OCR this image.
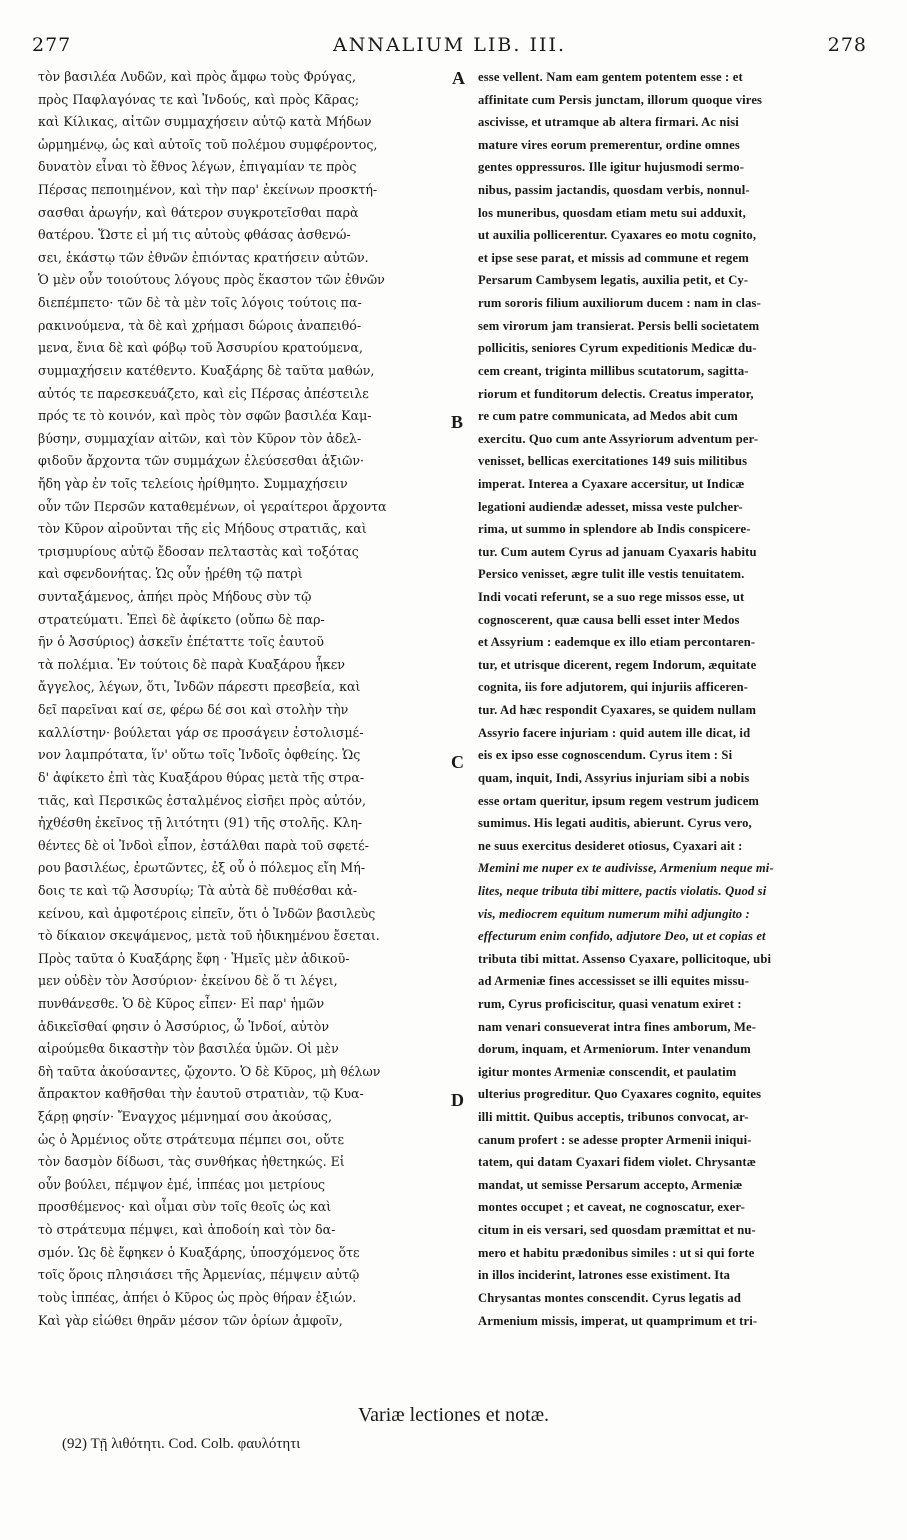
277	ANNALIUM LIB. III.	278
τὸν βασιλέα Λυδῶν, καὶ πρὸς ἄμφω τοὺς Φρύγας,
πρὸς Παφλαγόνας τε καὶ Ἰνδούς, καὶ πρὸς Κᾶρας;
καὶ Κίλικας, αἰτῶν συμμαχήσειν αὐτῷ κατὰ Μήδων
ὡρμημένῳ, ὡς καὶ αὐτοῖς τοῦ πολέμου συμφέροντος,
δυνατὸν εἶναι τὸ ἔθνος λέγων, ἐπιγαμίαν τε πρὸς
Πέρσας πεποιημένον, καὶ τὴν παρ' ἐκείνων προσκτή-
σασθαι ἀρωγήν, καὶ θάτερον συγκροτεῖσθαι παρὰ
θατέρου. Ὥστε εἰ μή τις αὐτοὺς φθάσας ἀσθενώ-
σει, ἑκάστῳ τῶν ἐθνῶν ἐπιόντας κρατήσειν αὐτῶν.
Ὁ μὲν οὖν τοιούτους λόγους πρὸς ἕκαστον τῶν ἐθνῶν
διεπέμπετο· τῶν δὲ τὰ μὲν τοῖς λόγοις τούτοις πα-
ρακινούμενα, τὰ δὲ καὶ χρήμασι δώροις ἀναπειθό-
μενα, ἔνια δὲ καὶ φόβῳ τοῦ Ἀσσυρίου κρατούμενα,
συμμαχήσειν κατέθεντο. Κυαξάρης δὲ ταῦτα μαθών,
αὐτός τε παρεσκευάζετο, καὶ εἰς Πέρσας ἀπέστειλε
πρός τε τὸ κοινόν, καὶ πρὸς τὸν σφῶν βασιλέα Καμ-
βύσην, συμμαχίαν αἰτῶν, καὶ τὸν Κῦρον τὸν ἀδελ-
φιδοῦν ἄρχοντα τῶν συμμάχων ἐλεύσεσθαι ἀξιῶν·
ἤδη γὰρ ἐν τοῖς τελείοις ἠρίθμητο. Συμμαχήσειν
οὖν τῶν Περσῶν καταθεμένων, οἱ γεραίτεροι ἄρχοντα
τὸν Κῦρον αἱροῦνται τῆς εἰς Μήδους στρατιᾶς, καὶ
τρισμυρίους αὐτῷ ἔδοσαν πελταστὰς καὶ τοξότας
καὶ σφενδονήτας. Ὡς οὖν ᾑρέθη τῷ πατρὶ
συνταξάμενος, ἀπήει πρὸς Μήδους σὺν τῷ
στρατεύματι. Ἐπεὶ δὲ ἀφίκετο (οὔπω δὲ παρ-
ῆν ὁ Ἀσσύριος) ἀσκεῖν ἐπέταττε τοῖς ἑαυτοῦ
τὰ πολέμια. Ἐν τούτοις δὲ παρὰ Κυαξάρου ἧκεν
ἄγγελος, λέγων, ὅτι, Ἰνδῶν πάρεστι πρεσβεία, καὶ
δεῖ παρεῖναι καί σε, φέρω δέ σοι καὶ στολὴν τὴν
καλλίστην· βούλεται γάρ σε προσάγειν ἐστολισμέ-
νον λαμπρότατα, ἵν' οὕτω τοῖς Ἰνδοῖς ὀφθείης. Ὡς
δ' ἀφίκετο ἐπὶ τὰς Κυαξάρου θύρας μετὰ τῆς στρα-
τιᾶς, καὶ Περσικῶς ἐσταλμένος εἰσῆει πρὸς αὐτόν,
ἠχθέσθη ἐκεῖνος τῇ λιτότητι (91) τῆς στολῆς. Κλη-
θέντες δὲ οἱ Ἰνδοὶ εἶπον, ἐστάλθαι παρὰ τοῦ σφετέ-
ρου βασιλέως, ἐρωτῶντες, ἐξ οὗ ὁ πόλεμος εἴη Μή-
δοις τε καὶ τῷ Ἀσσυρίῳ; Τὰ αὐτὰ δὲ πυθέσθαι κἀ-
κείνου, καὶ ἀμφοτέροις εἰπεῖν, ὅτι ὁ Ἰνδῶν βασιλεὺς
τὸ δίκαιον σκεψάμενος, μετὰ τοῦ ἠδικημένου ἔσεται.
Πρὸς ταῦτα ὁ Κυαξάρης ἔφη · Ἡμεῖς μὲν ἀδικοῦ-
μεν οὐδὲν τὸν Ἀσσύριον· ἐκείνου δὲ ὅ τι λέγει,
πυνθάνεσθε. Ὁ δὲ Κῦρος εἶπεν· Εἰ παρ' ἡμῶν
ἀδικεῖσθαί φησιν ὁ Ἀσσύριος, ὦ Ἰνδοί, αὐτὸν
αἱρούμεθα δικαστὴν τὸν βασιλέα ὑμῶν. Οἱ μὲν
δὴ ταῦτα ἀκούσαντες, ᾤχοντο. Ὁ δὲ Κῦρος, μὴ θέλων
ἄπρακτον καθῆσθαι τὴν ἑαυτοῦ στρατιὰν, τῷ Κυα-
ξάρῃ φησίν· Ἔναγχος μέμνημαί σου ἀκούσας,
ὡς ὁ Ἀρμένιος οὔτε στράτευμα πέμπει σοι, οὔτε
τὸν δασμὸν δίδωσι, τὰς συνθήκας ἠθετηκώς. Εἰ
οὖν βούλει, πέμψον ἐμέ, ἱππέας μοι μετρίους
προσθέμενος· καὶ οἶμαι σὺν τοῖς θεοῖς ὡς καὶ
τὸ στράτευμα πέμψει, καὶ ἀποδοίη καὶ τὸν δα-
σμόν. Ὡς δὲ ἔφηκεν ὁ Κυαξάρης, ὑποσχόμενος ὅτε
τοῖς ὅροις πλησιάσει τῆς Ἀρμενίας, πέμψειν αὐτῷ
τοὺς ἱππέας, ἀπήει ὁ Κῦρος ὡς πρὸς θήραν ἐξιών.
Καὶ γὰρ εἰώθει θηρᾶν μέσον τῶν ὁρίων ἀμφοῖν,
esse vellent. Nam eam gentem potentem esse : et
affinitate cum Persis junctam, illorum quoque vires
ascivisse, et utramque ab altera firmari. Ac nisi
mature vires eorum premerentur, ordine omnes
gentes oppressuros. Ille igitur hujusmodi sermo-
nibus, passim jactandis, quosdam verbis, nonnul-
los muneribus, quosdam etiam metu sui adduxit,
ut auxilia pollicerentur. Cyaxares eo motu cognito,
et ipse sese parat, et missis ad commune et regem
Persarum Cambysem legatis, auxilia petit, et Cy-
rum sororis filium auxiliorum ducem : nam in clas-
sem virorum jam transierat. Persis belli societatem
pollicitis, seniores Cyrum expeditionis Medicæ du-
cem creant, triginta millibus scutatorum, sagitta-
riorum et funditorum delectis. Creatus imperator,
re cum patre communicata, ad Medos abit cum
exercitu. Quo cum ante Assyriorum adventum per-
venisset, bellicas exercitationes 149 suis militibus
imperat. Interea a Cyaxare accersitur, ut Indicæ
legationi audiendæ adesset, missa veste pulcher-
rima, ut summo in splendore ab Indis conspicere-
tur. Cum autem Cyrus ad januam Cyaxaris habitu
Persico venisset, ægre tulit ille vestis tenuitatem.
Indi vocati referunt, se a suo rege missos esse, ut
cognoscerent, quæ causa belli esset inter Medos
et Assyrium : eademque ex illo etiam percontaren-
tur, et utrisque dicerent, regem Indorum, æquitate
cognita, iis fore adjutorem, qui injuriis afficeren-
tur. Ad hæc respondit Cyaxares, se quidem nullam
Assyrio facere injuriam : quid autem ille dicat, id
eis ex ipso esse cognoscendum. Cyrus item : Si
quam, inquit, Indi, Assyrius injuriam sibi a nobis
esse ortam queritur, ipsum regem vestrum judicem
sumimus. His legati auditis, abierunt. Cyrus vero,
ne suus exercitus desideret otiosus, Cyaxari ait :
Memini me nuper ex te audivisse, Armenium neque mi-
lites, neque tributa tibi mittere, pactis violatis. Quod si
vis, mediocrem equitum numerum mihi adjungito :
effecturum enim confido, adjutore Deo, ut et copias et
tributa tibi mittat. Assenso Cyaxare, pollicitoque, ubi
ad Armeniæ fines accessisset se illi equites missu-
rum, Cyrus proficiscitur, quasi venatum exiret :
nam venari consueverat intra fines amborum, Me-
dorum, inquam, et Armeniorum. Inter venandum
igitur montes Armeniæ conscendit, et paulatim
ulterius progreditur. Quo Cyaxares cognito, equites
illi mittit. Quibus acceptis, tribunos convocat, ar-
canum profert : se adesse propter Armenii iniqui-
tatem, qui datam Cyaxari fidem violet. Chrysantæ
mandat, ut semisse Persarum accepto, Armeniæ
montes occupet ; et caveat, ne cognoscatur, exer-
citum in eis versari, sed quosdam præmittat et nu-
mero et habitu prædonibus similes : ut si qui forte
in illos inciderint, latrones esse existiment. Ita
Chrysantas montes conscendit. Cyrus legatis ad
Armenium missis, imperat, ut quamprimum et tri-
A
B
C
D
Variæ lectiones et notæ.
(92) Τῇ λιθότητι. Cod. Colb. φαυλότητι
